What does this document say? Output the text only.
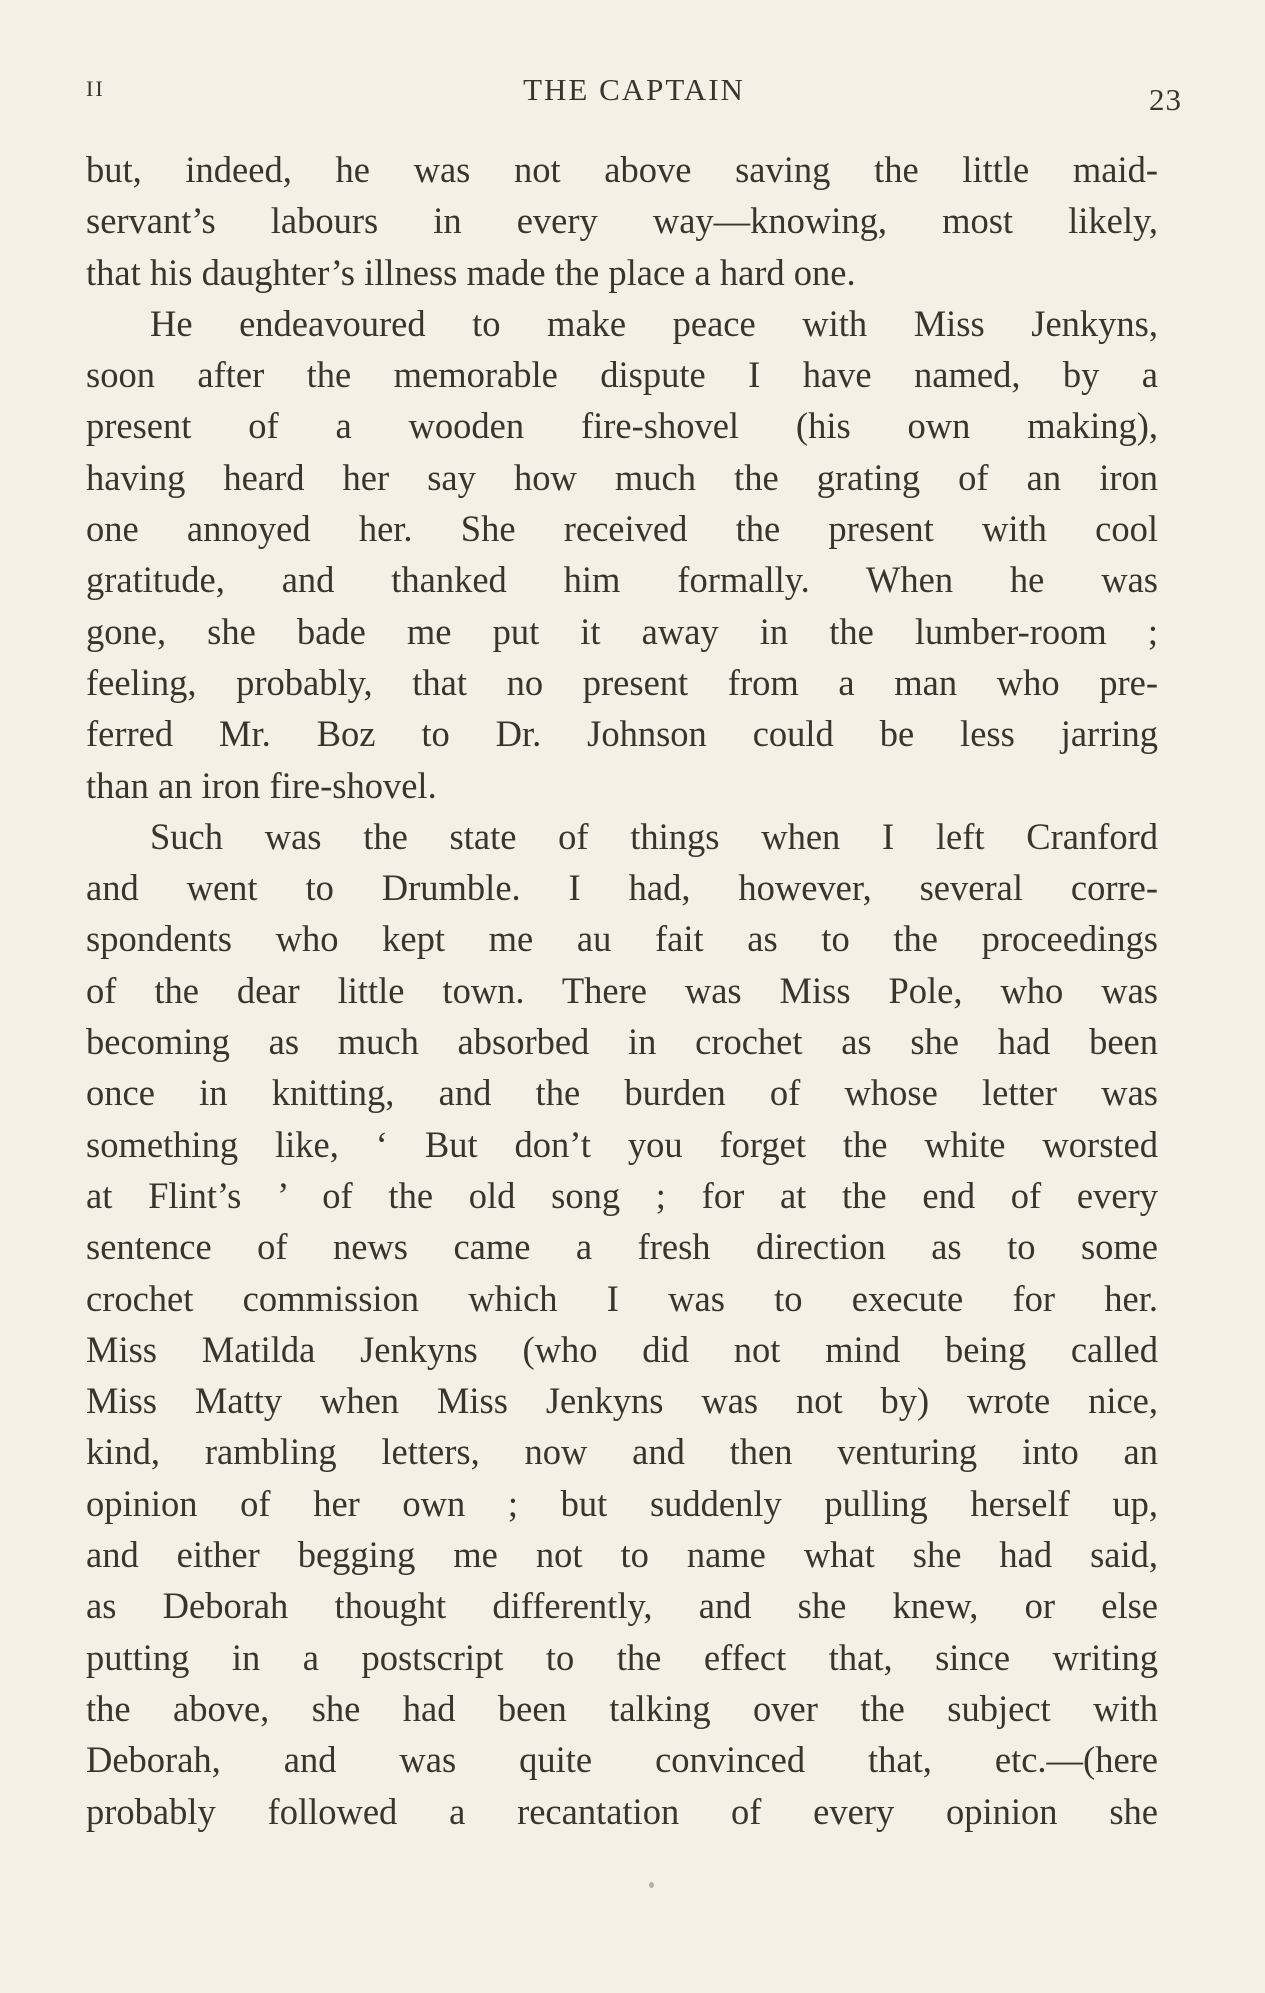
II	THE CAPTAIN	23
but, indeed, he was not above saving the little maid-
servant’s labours in every way—knowing, most likely,
that his daughter’s illness made the place a hard one.
He endeavoured to make peace with Miss Jenkyns,
soon after the memorable dispute I have named, by a
present of a wooden fire-shovel (his own making),
having heard her say how much the grating of an iron
one annoyed her. She received the present with cool
gratitude, and thanked him formally. When he was
gone, she bade me put it away in the lumber-room ;
feeling, probably, that no present from a man who pre-
ferred Mr. Boz to Dr. Johnson could be less jarring
than an iron fire-shovel.
Such was the state of things when I left Cranford
and went to Drumble. I had, however, several corre-
spondents who kept me au fait as to the proceedings
of the dear little town. There was Miss Pole, who was
becoming as much absorbed in crochet as she had been
once in knitting, and the burden of whose letter was
something like, ‘ But don’t you forget the white worsted
at Flint’s ’ of the old song ; for at the end of every
sentence of news came a fresh direction as to some
crochet commission which I was to execute for her.
Miss Matilda Jenkyns (who did not mind being called
Miss Matty when Miss Jenkyns was not by) wrote nice,
kind, rambling letters, now and then venturing into an
opinion of her own ; but suddenly pulling herself up,
and either begging me not to name what she had said,
as Deborah thought differently, and she knew, or else
putting in a postscript to the effect that, since writing
the above, she had been talking over the subject with
Deborah, and was quite convinced that, etc.—(here
probably followed a recantation of every opinion she
